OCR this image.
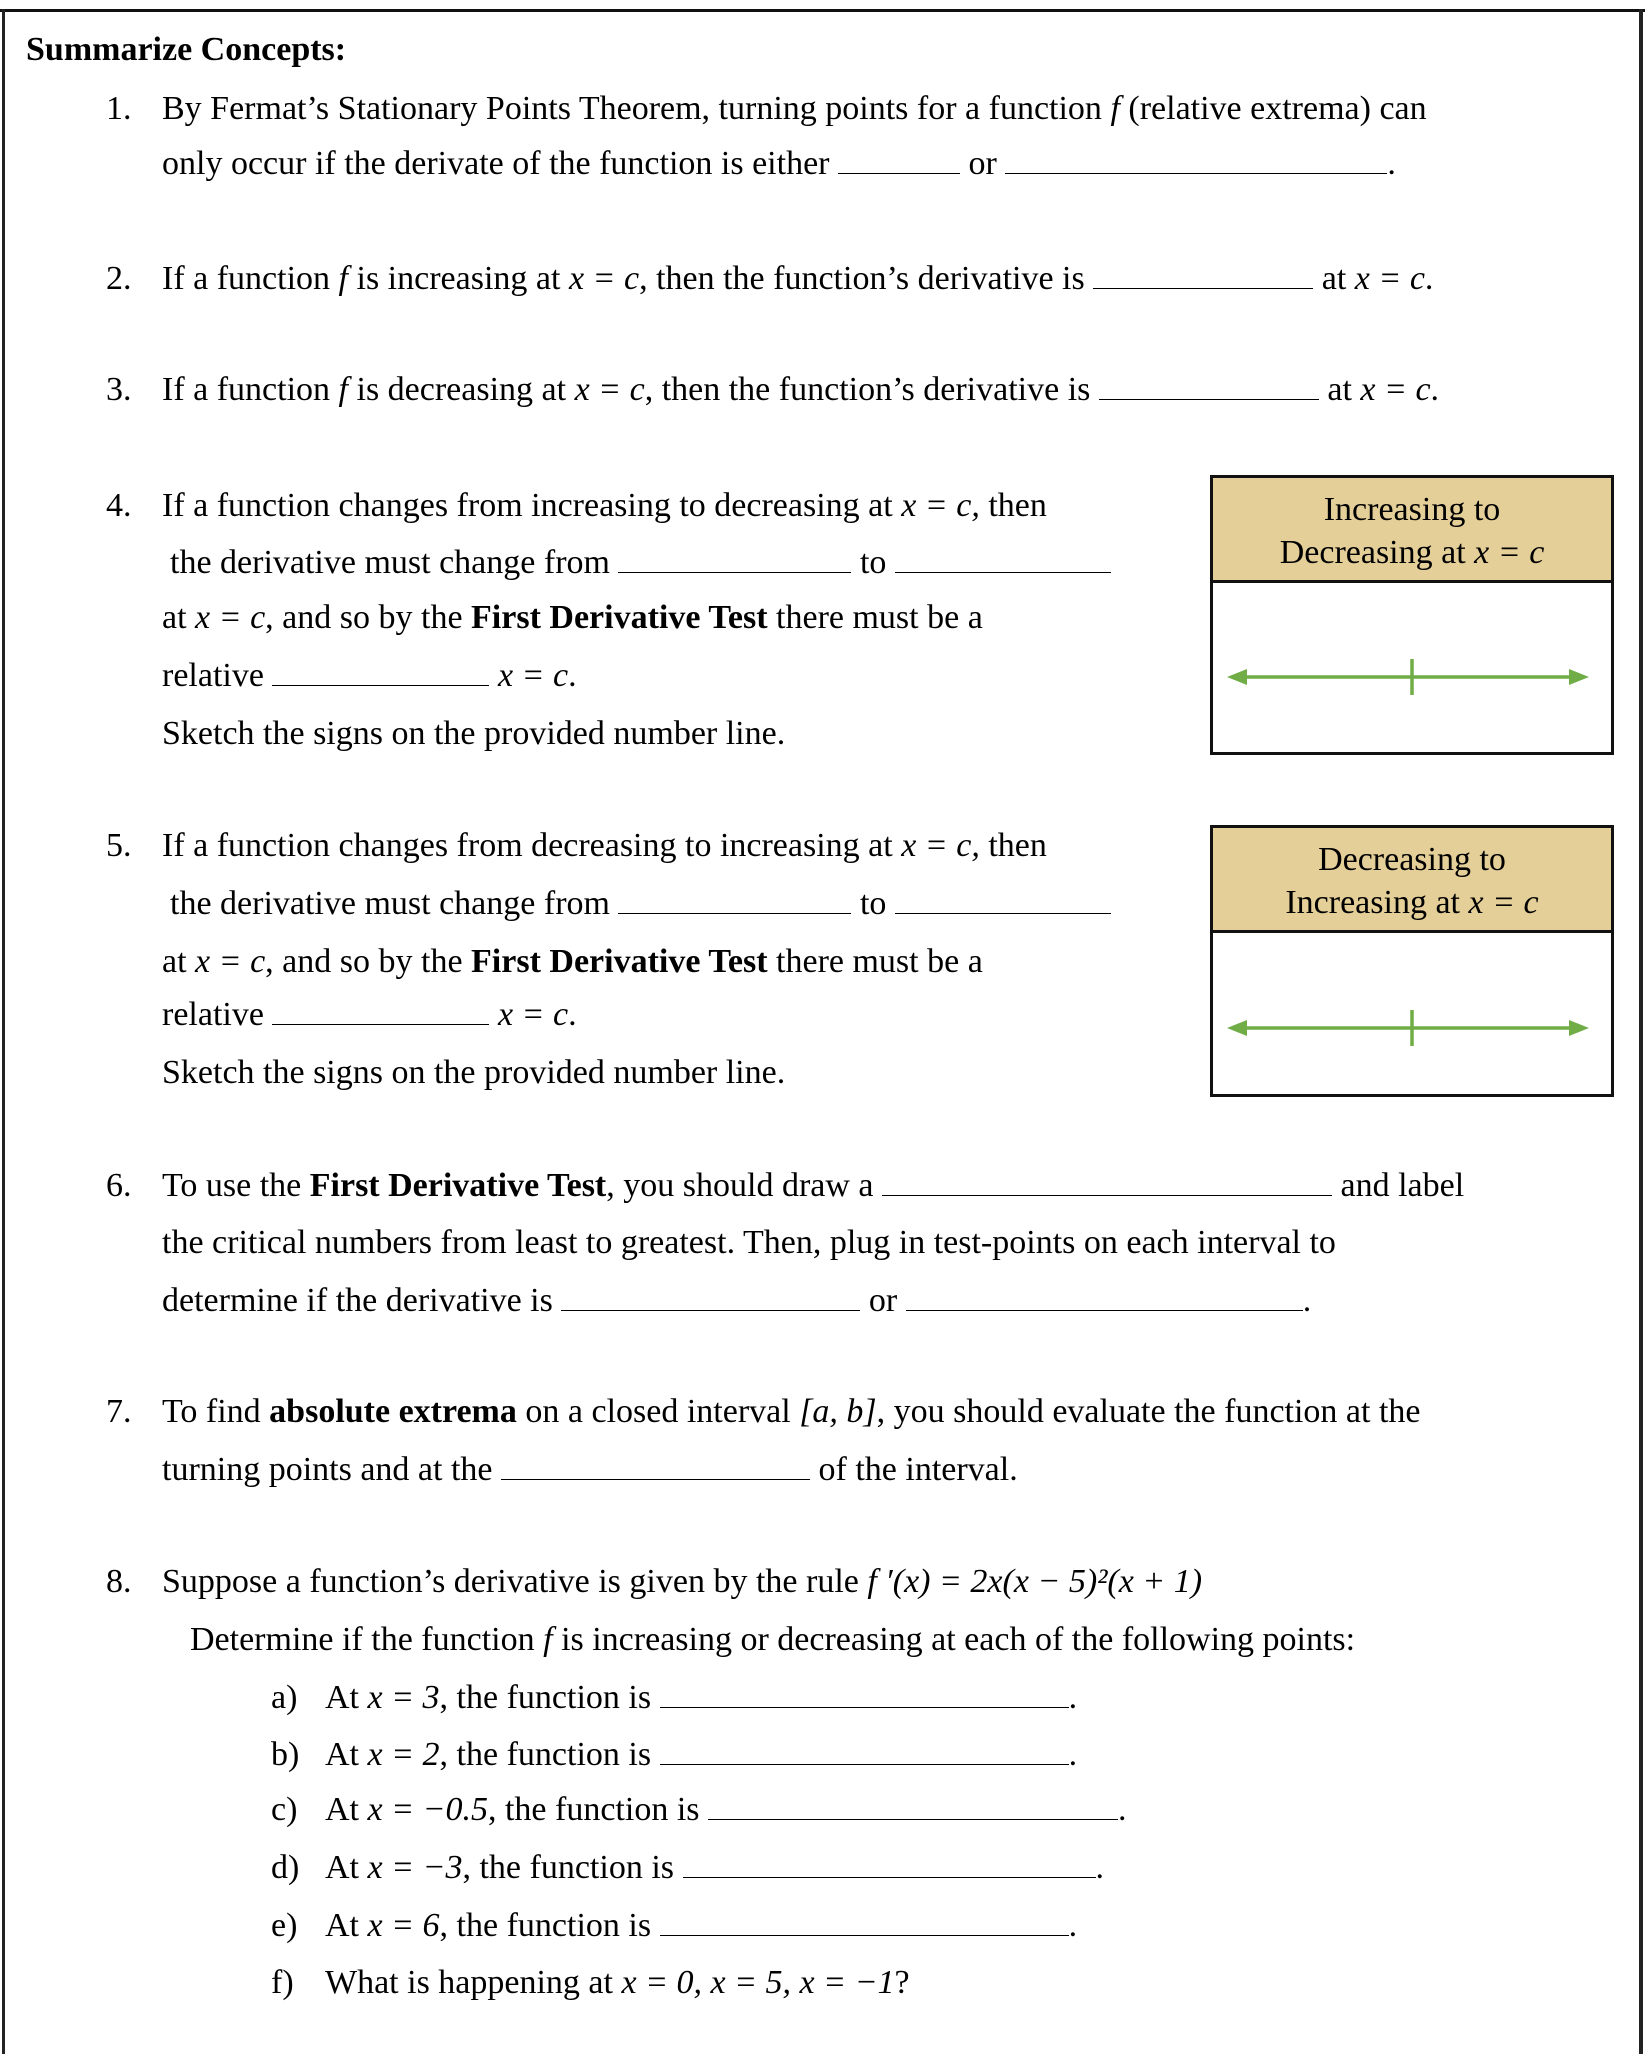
Summarize Concepts:
1. By Fermat’s Stationary Points Theorem, turning points for a function f (relative extrema) can
only occur if the derivate of the function is either	or	.
2. If a function f is increasing at x = c, then the function’s derivative is	at x = c.
3. If a function f is decreasing at x = c, then the function’s derivative is	at x = c.
4. If a function changes from increasing to decreasing at x = c, then
the derivative must change from	to
at x = c, and so by the First Derivative Test there must be a
relative	x = c.
Sketch the signs on the provided number line.
Increasing to
Decreasing at x = c
5. If a function changes from decreasing to increasing at x = c, then
the derivative must change from	to
at x = c, and so by the First Derivative Test there must be a
relative	x = c.
Sketch the signs on the provided number line.
Decreasing to
Increasing at x = c
6. To use the First Derivative Test, you should draw a	and label
the critical numbers from least to greatest. Then, plug in test-points on each interval to
determine if the derivative is	or	.
7. To find absolute extrema on a closed interval [a, b], you should evaluate the function at the
turning points and at the	of the interval.
8. Suppose a function’s derivative is given by the rule f ′(x) = 2x(x − 5)²(x + 1)
Determine if the function f is increasing or decreasing at each of the following points:
a) At x = 3, the function is	.
b) At x = 2, the function is	.
c) At x = −0.5, the function is	.
d) At x = −3, the function is	.
e) At x = 6, the function is	.
f) What is happening at x = 0, x = 5, x = −1?
